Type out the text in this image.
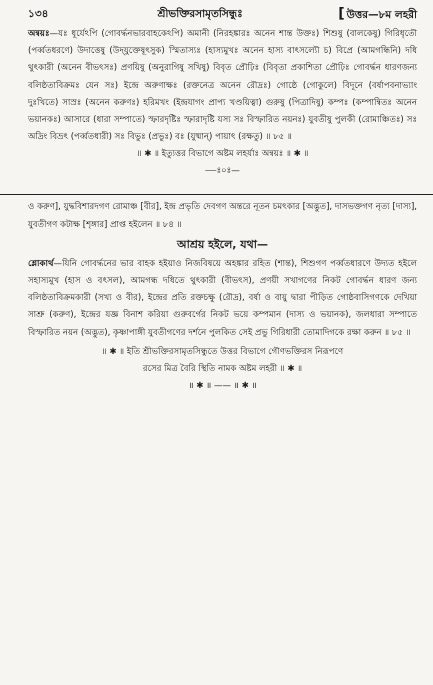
১৩৪	শ্রীভক্তিরসামৃতসিন্ধুঃ	[ উত্তর—৮ম লহরী

অন্বয়ঃ—যঃ ধূর্যেঽপি (গোবর্দ্ধনভারবাহকেঽপি) অমানী (নিরহঙ্কারঃ অনেন শান্ত উক্তঃ) শিশুষু (বালকেষু) গিরিধৃতৌ (পর্ব্বতধরণে) উদাত্তেষু (উদ্‌যুক্তেষূৎসুক) স্মিতাস্যঃ (হাস্যমুখঃ অনেন হাস্য বাৎসল্যৌ চ) বিপ্রে (আমগন্ধিনি) দধি থুৎকারী (অনেন বীভৎসঃ) প্রণয়িষু (অনুরাগিষু সখিষু) বিবৃত প্রৌঢ়িঃ (বিবৃতা প্রকাশিতা প্রৌঢ়িঃ গোবর্দ্ধন ধারণজন্য বলিষ্ঠতাবিক্রমঃ যেন সঃ) ইন্দ্রে অরুণাক্ষঃ (রক্তনেত্র অনেন রৌদ্রঃ) গোষ্ঠে (গোকুলে) বিদূনে (বর্ষাপবনাভ্যাং দুঃখিতে) সাস্রঃ (অনেন করুণঃ) হরিমখং (ইন্দ্রযাগং প্রাপ্য খণ্ডয়িত্বা) গুরুষু (পিত্রাদিষু) কম্পঃ (কম্পান্বিতঃ অনেন ভয়ানকঃ) আসারে (ধারা সম্পাতে) স্ফারদৃষ্টিঃ স্ফারাদৃষ্টি যস্য সঃ বিস্ফারিত নয়নঃ) যুবতীষু পুলকী (রোমাঞ্চিতঃ) সঃ অদ্রিং বিভ্রৎ (পর্ব্বতধারী) সঃ বিভুঃ (প্রভুঃ) বঃ (যুষ্মান্) পায়াৎ (রক্ষতু) ॥ ৮৫ ॥

॥ ✱ ॥ ইত্যুত্তর বিভাগে অষ্টম লহর্যাঃ অন্বয়ঃ ॥ ✱ ॥
—ঃ০ঃ—

ও করুণ], যুদ্ধবিশারদগণ রোমাঞ্চ [বীর], ইন্দ্র প্রভৃতি দেবগণ অন্তরে নূতন চমৎকার [অদ্ভুত], দাসভক্তগণ নৃত্য [দাস্য], যুবতীগণ কটাক্ষ [শৃঙ্গার] প্রাপ্ত হইলেন ॥ ৮৪ ॥

আশ্রয় হইলে, যথা—

শ্লোকার্থ—যিনি গোবর্দ্ধনের ভার বাহক হইয়াও নিজবিষয়ে অহঙ্কার রহিত (শান্ত), শিশুগণ পর্ব্বতধারণে উদ্যত হইলে সহাস্যমুখ (হাস ও বৎসল), আমগন্ধ দধিতে থুৎকারী (বীভৎস), প্রণয়ী সখাগণের নিকট গোবর্দ্ধন ধারণ জন্য বলিষ্ঠতাবিক্রমকারী (সখ্য ও বীর), ইন্দ্রের প্রতি রক্তচক্ষু (রৌদ্র), বর্ষা ও বায়ু দ্বারা পীড়িত গোষ্ঠবাসিগণকে দেখিয়া সাশ্রু (করুণ), ইন্দ্রের যজ্ঞ বিনাশ করিয়া গুরুবর্গের নিকট ভয়ে কম্পমান (দাস্য ও ভয়ানক), জলধারা সম্পাতে বিস্ফারিত নয়ন (অদ্ভুত), কৃষ্ণাপাঙ্গী যুবতীগণের দর্শনে পুলকিত সেই প্রভু গিরিধারী তোমাদিগকে রক্ষা করুন ॥ ৮৫ ॥

॥ ✱ ॥ ইতি শ্রীভক্তিরসামৃতসিন্ধুতে উত্তর বিভাগে গৌণভক্তিরস নিরূপণে
রসের মিত্র বৈরি স্থিতি নামক অষ্টম লহরী ॥ ✱ ॥
॥ ✱ ॥ —— ॥ ✱ ॥
